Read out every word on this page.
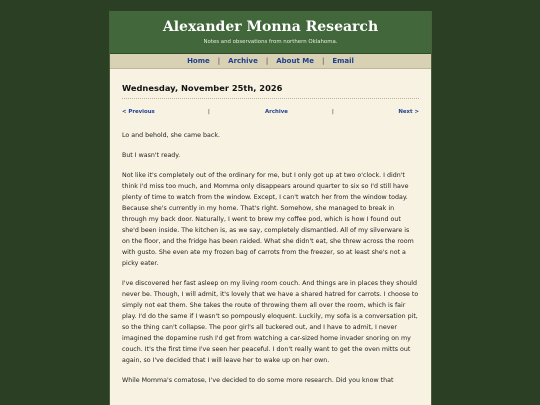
Alexander Monna Research
Notes and observations from northern Oklahoma.
Home | Archive | About Me | Email
Wednesday, November 25th, 2026
< Previous	|	Archive	|	Next >

Lo and behold, she came back.

But I wasn't ready.

Not like it's completely out of the ordinary for me, but I only got up at two o'clock. I didn't think I'd miss too much, and Momma only disappears around quarter to six so I'd still have plenty of time to watch from the window. Except, I can't watch her from the window today. Because she's currently in my home. That's right. Somehow, she managed to break in through my back door. Naturally, I went to brew my coffee pod, which is how I found out she'd been inside. The kitchen is, as we say, completely dismantled. All of my silverware is on the floor, and the fridge has been raided. What she didn't eat, she threw across the room with gusto. She even ate my frozen bag of carrots from the freezer, so at least she's not a picky eater.

I've discovered her fast asleep on my living room couch. And things are in places they should never be. Though, I will admit, it's lovely that we have a shared hatred for carrots. I choose to simply not eat them. She takes the route of throwing them all over the room, which is fair play. I'd do the same if I wasn't so pompously eloquent. Luckily, my sofa is a conversation pit, so the thing can't collapse. The poor girl's all tuckered out, and I have to admit, I never imagined the dopamine rush I'd get from watching a car-sized home invader snoring on my couch. It's the first time I've seen her peaceful. I don't really want to get the oven mitts out again, so I've decided that I will leave her to wake up on her own.

While Momma's comatose, I've decided to do some more research. Did you know that
